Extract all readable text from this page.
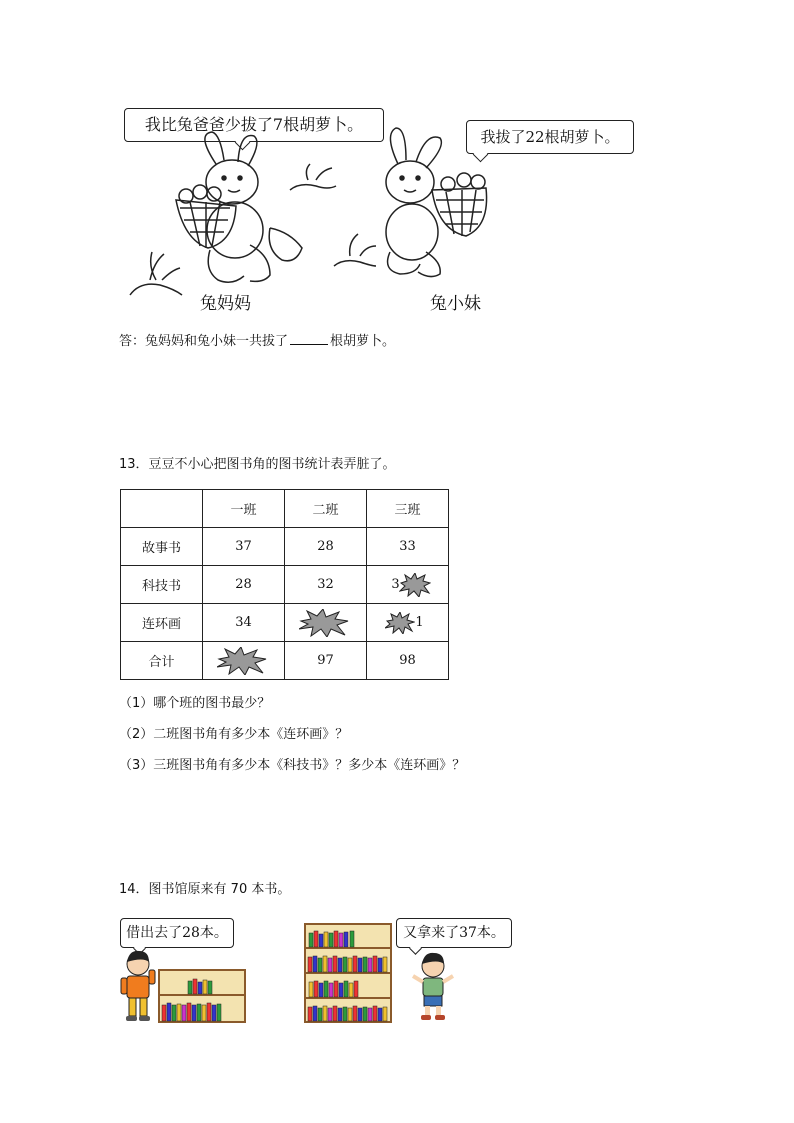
我比兔爸爸少拔了7根胡萝卜。
我拔了22根胡萝卜。
兔妈妈	兔小妹
答：兔妈妈和兔小妹一共拔了	根胡萝卜。
13．豆豆不小心把图书角的图书统计表弄脏了。
	一班	二班	三班
故事书	37	28	33
科技书	28	32	3

连环画	34		1
合计		97	98
（1）哪个班的图书最少？
（2）二班图书角有多少本《连环画》？
（3）三班图书角有多少本《科技书》？多少本《连环画》？
14．图书馆原来有 70 本书。
借出去了28本。	又拿来了37本。
